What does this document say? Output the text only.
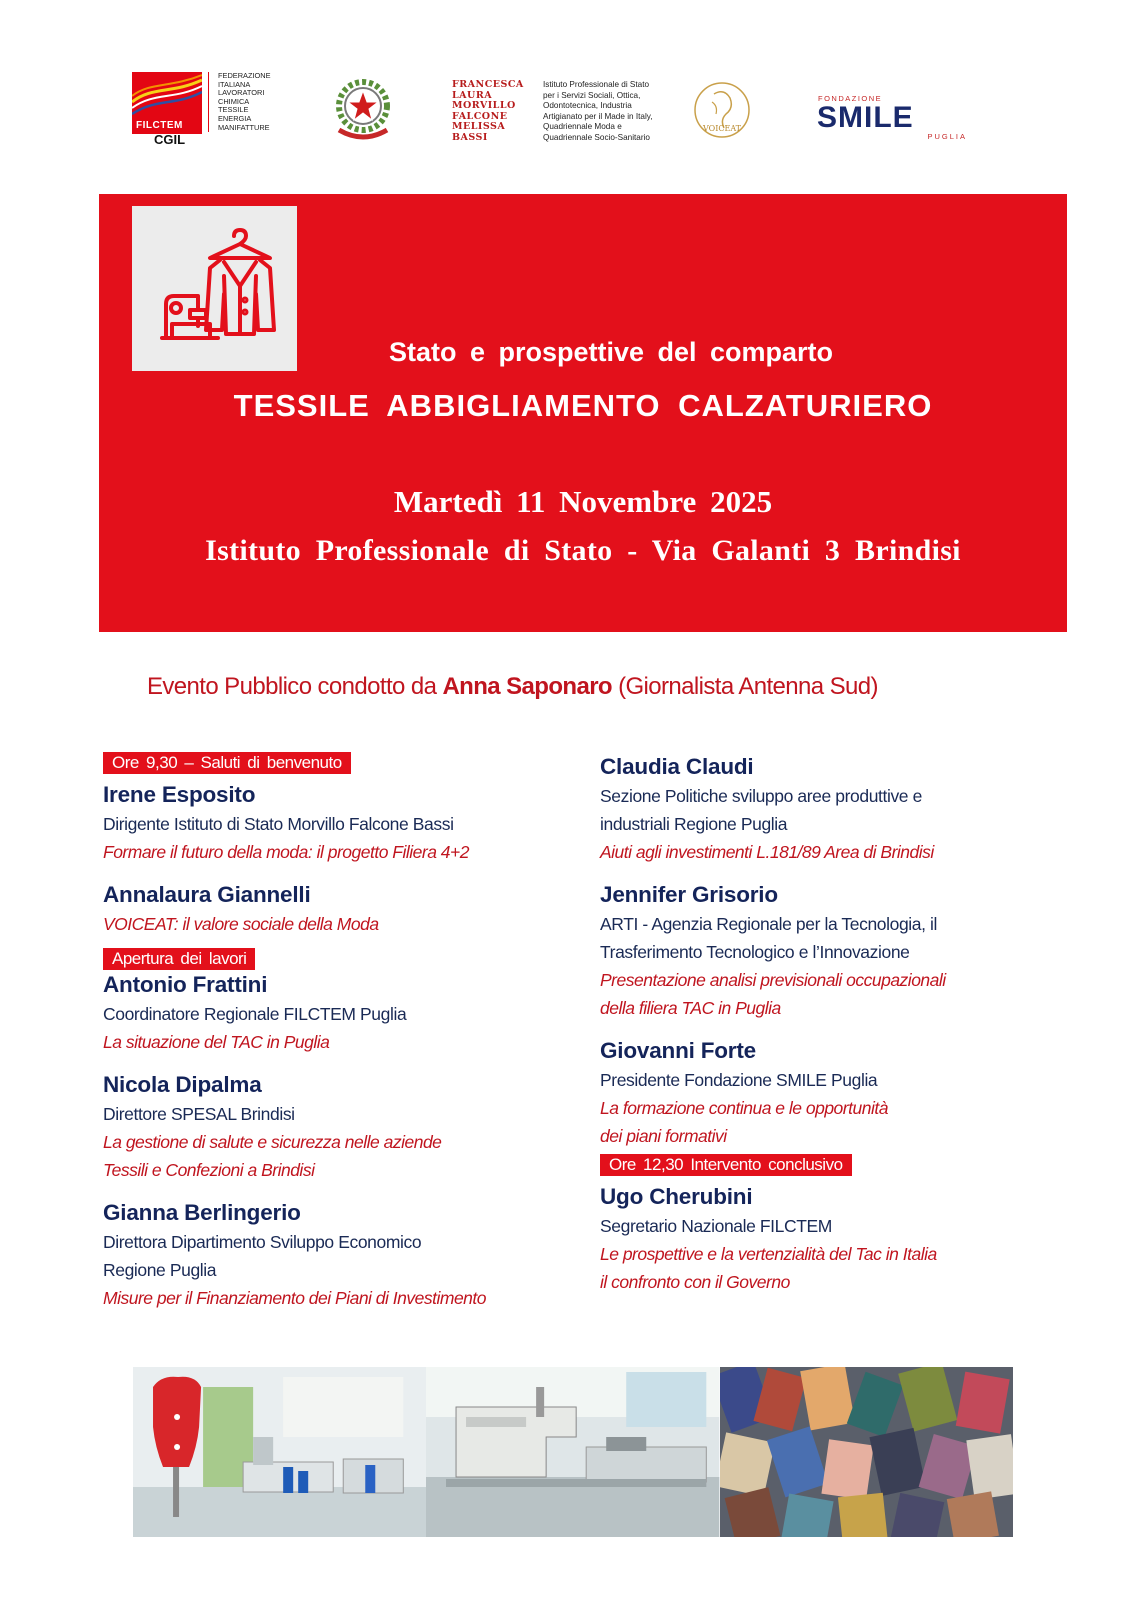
FILCTEM
CGIL
FEDERAZIONE
ITALIANA
LAVORATORI
CHIMICA
TESSILE
ENERGIA
MANIFATTURE
FRANCESCA
LAURA
MORVILLO
FALCONE
MELISSA
BASSI
Istituto Professionale di Stato
per i Servizi Sociali, Ottica,
Odontotecnica, Industria
Artigianato per il Made in Italy,
Quadriennale Moda e
Quadriennale Socio-Sanitario
VOICEAT
FONDAZIONE
SMILE
PUGLIA
Stato e prospettive del comparto
TESSILE ABBIGLIAMENTO CALZATURIERO
Martedì 11 Novembre 2025
Istituto Professionale di Stato - Via Galanti 3 Brindisi
Evento Pubblico condotto da Anna Saponaro (Giornalista Antenna Sud)
Ore 9,30 – Saluti di benvenuto
Irene Esposito
Dirigente Istituto di Stato Morvillo Falcone Bassi
Formare il futuro della moda: il progetto Filiera 4+2
Annalaura Giannelli
VOICEAT: il valore sociale della Moda
Apertura dei lavori
Antonio Frattini
Coordinatore Regionale FILCTEM Puglia
La situazione del TAC in Puglia
Nicola Dipalma
Direttore SPESAL Brindisi
La gestione di salute e sicurezza nelle aziende
Tessili e Confezioni a Brindisi
Gianna Berlingerio
Direttora Dipartimento Sviluppo Economico
Regione Puglia
Misure per il Finanziamento dei Piani di Investimento
Claudia Claudi
Sezione Politiche sviluppo aree produttive e
industriali Regione Puglia
Aiuti agli investimenti L.181/89 Area di Brindisi
Jennifer Grisorio
ARTI - Agenzia Regionale per la Tecnologia, il
Trasferimento Tecnologico e l’Innovazione
Presentazione analisi previsionali occupazionali
della filiera TAC in Puglia
Giovanni Forte
Presidente Fondazione SMILE Puglia
La formazione continua e le opportunità
dei piani formativi
Ore 12,30 Intervento conclusivo
Ugo Cherubini
Segretario Nazionale FILCTEM
Le prospettive e la vertenzialità del Tac in Italia
il confronto con il Governo
